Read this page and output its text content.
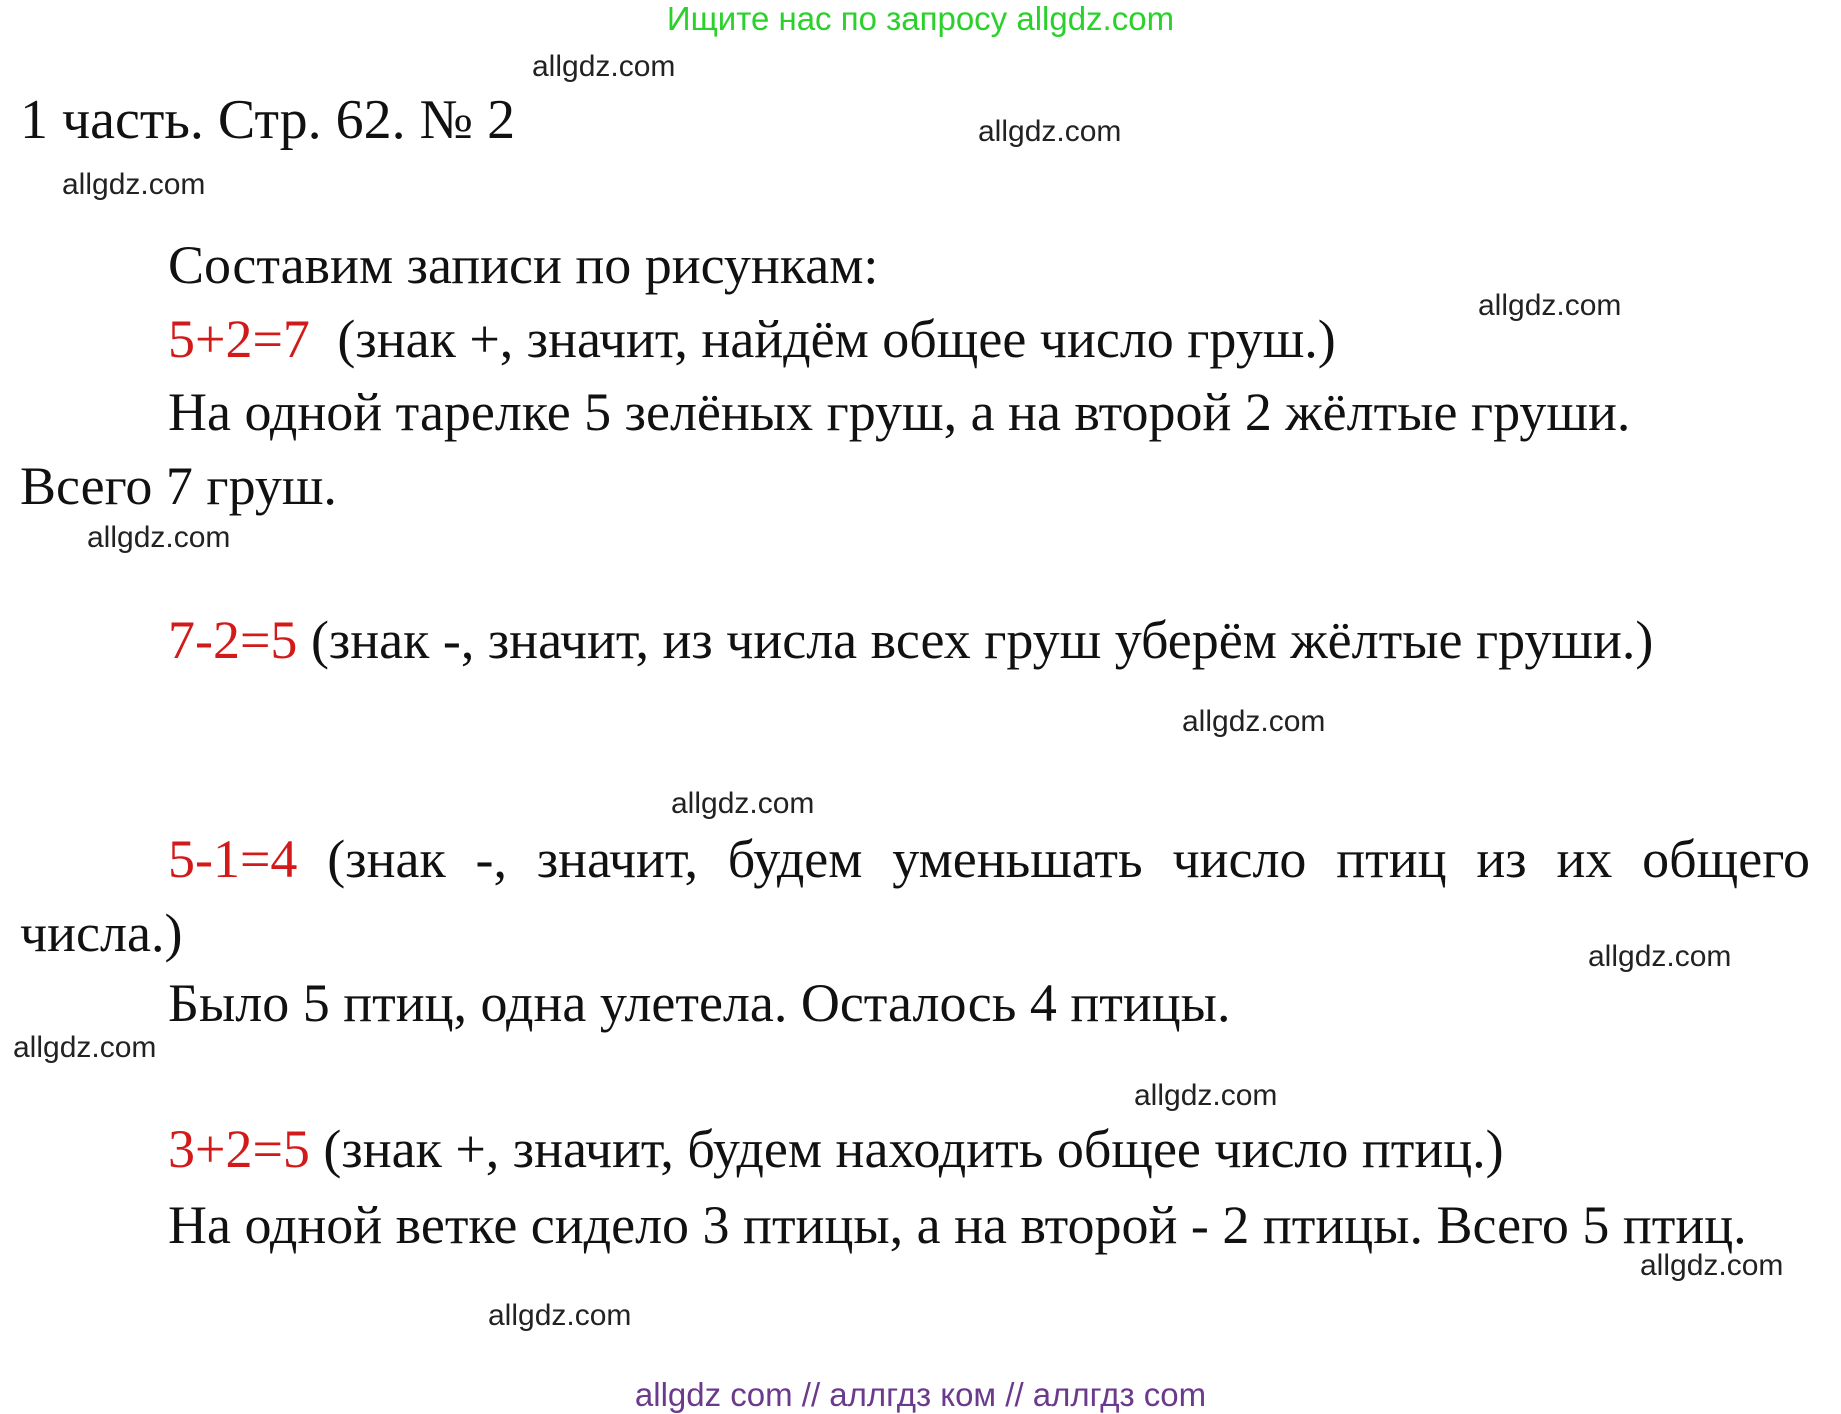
Ищите нас по запросу allgdz.com
allgdz.com
1 часть. Стр. 62. № 2	allgdz.com
allgdz.com
Составим записи по рисункам:
allgdz.com
5+2=7 (знак +, значит, найдём общее число груш.)
На одной тарелке 5 зелёных груш, а на второй 2 жёлтые груши.
Всего 7 груш.
allgdz.com
7-2=5 (знак -, значит, из числа всех груш уберём жёлтые груши.)
allgdz.com
allgdz.com
5-1=4 (знак -, значит, будем уменьшать число птиц из их общего числа.)	allgdz.com
Было 5 птиц, одна улетела. Осталось 4 птицы.
allgdz.com
allgdz.com
3+2=5 (знак +, значит, будем находить общее число птиц.)
На одной ветке сидело 3 птицы, а на второй - 2 птицы. Всего 5 птиц.
allgdz.com
allgdz.com
allgdz com // аллгдз ком // аллгдз com
